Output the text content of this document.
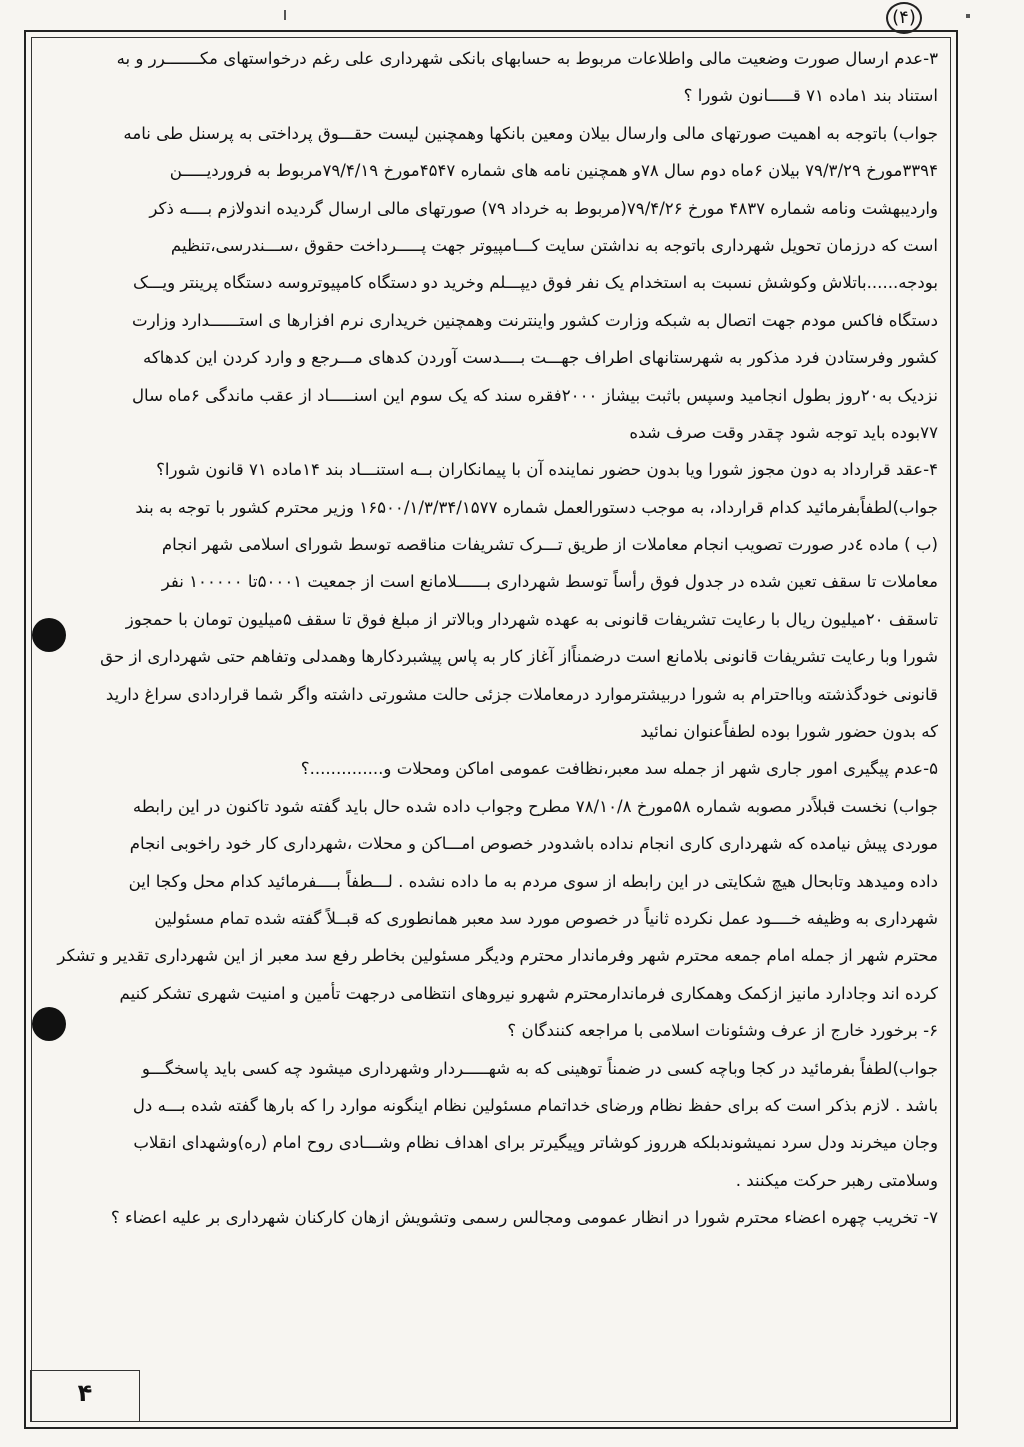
(۴)
۳-عدم ارسال صورت وضعیت مالی واطلاعات مربوط به حسابهای بانکی شهرداری علی رغم درخواستهای مکـــــــرر و به
استناد بند ۱ماده ۷۱ قـــــانون شورا ؟
جواب) باتوجه به اهمیت صورتهای مالی وارسال بیلان ومعین بانکها وهمچنین لیست حقـــوق پرداختی به پرسنل طی نامه
۳۳۹۴مورخ ۷۹/۳/۲۹ بیلان ۶ماه دوم سال ۷۸و همچنین نامه های شماره ۴۵۴۷مورخ ۷۹/۴/۱۹مربوط به فروردیـــــن
واردیبهشت ونامه شماره ۴۸۳۷ مورخ ۷۹/۴/۲۶(مربوط به خرداد ۷۹) صورتهای مالی ارسال گردیده اندولازم بــــه ذکر
است که درزمان تحویل شهرداری باتوجه به نداشتن سایت کـــامپیوتر جهت پـــــرداخت حقوق ،ســـندرسی،تنظیم
بودجه......باتلاش وکوشش نسبت به استخدام یک نفر فوق دیپـــلم وخرید دو دستگاه کامپیوتروسه دستگاه پرینتر ویـــک
دستگاه فاکس مودم جهت اتصال به شبکه وزارت کشور واینترنت وهمچنین خریداری نرم افزارها ی استــــــدارد وزارت
کشور وفرستادن فرد مذکور به شهرستانهای اطراف جهـــت بــــدست آوردن کدهای مـــرجع و وارد کردن این کدهاکه
نزدیک به۲۰روز بطول انجامید وسپس باثبت بیشاز ۲۰۰۰فقره سند که یک سوم این اسنـــــاد از عقب ماندگی ۶ماه سال
۷۷بوده باید توجه شود چقدر وقت صرف شده
۴-عقد قرارداد به دون مجوز شورا ویا بدون حضور نماینده آن با پیمانکاران بــه استنـــاد بند ۱۴ماده ۷۱ قانون شورا؟
جواب)لطفاًبفرمائید کدام قرارداد، به موجب دستورالعمل شماره ۱۶۵۰۰/۱/۳/۳۴/۱۵۷۷ وزیر محترم کشور با توجه به بند
(ب ) ماده ٤در صورت تصویب انجام معاملات از طریق تـــرک تشریفات مناقصه توسط شورای اسلامی شهر انجام
معاملات تا سقف تعین شده در جدول فوق رأساً توسط شهرداری بــــــلامانع است از جمعیت ۵۰۰۰۱تا ۱۰۰۰۰۰ نفر
تاسقف ۲۰میلیون ریال با رعایت تشریفات قانونی به عهده شهردار وبالاتر از مبلغ فوق تا سقف ۵میلیون تومان با حمجوز
شورا وبا رعایت تشریفات قانونی بلامانع است درضمناًاز آغاز کار به پاس پیشبردکارها وهمدلی وتفاهم حتی شهرداری از حق
قانونی خودگذشته وبااحترام به شورا دربیشترموارد درمعاملات جزئی حالت مشورتی داشته واگر شما قراردادی سراغ دارید
که بدون حضور شورا بوده لطفاًعنوان نمائید
۵-عدم پیگیری امور جاری شهر از جمله سد معبر،نظافت عمومی اماکن ومحلات و..............؟
جواب) نخست قبلاًدر مصوبه شماره ۵۸مورخ ۷۸/۱۰/۸ مطرح وجواب داده شده حال باید گفته شود تاکنون در این رابطه
موردی پیش نیامده که شهرداری کاری انجام نداده باشدودر خصوص امـــاکن و محلات ،شهرداری کار خود راخوبی انجام
داده ومیدهد وتابحال هیچ شکایتی در این رابطه از سوی مردم به ما داده نشده . لـــطفاً بــــفرمائید کدام محل وکجا این
شهرداری به وظیفه خــــود عمل نکرده ثانیاً در خصوص مورد سد معبر همانطوری که قبــلاً گفته شده تمام مسئولین
محترم شهر از جمله امام جمعه محترم شهر وفرماندار محترم ودیگر مسئولین بخاطر رفع سد معبر از این شهرداری تقدیر و تشکر
کرده اند وجادارد مانیز ازکمک وهمکاری فرماندارمحترم شهرو نیروهای انتظامی درجهت تأمین و امنیت شهری تشکر کنیم
۶- برخورد خارج از عرف وشئونات اسلامی با مراجعه کنندگان ؟
جواب)لطفاً بفرمائید در کجا وباچه کسی در ضمناً توهینی که به شهـــــردار وشهرداری میشود چه کسی باید پاسخگـــو
باشد . لازم بذکر است که برای حفظ نظام ورضای خداتمام مسئولین نظام اینگونه موارد را که بارها گفته شده بـــه دل
وجان میخرند ودل سرد نمیشوندبلکه هرروز کوشاتر وپیگیرتر برای اهداف نظام وشـــادی روح امام (ره)وشهدای انقلاب
وسلامتی رهبر حرکت میکنند .
۷- تخریب چهره اعضاء محترم شورا در انظار عمومی ومجالس رسمی وتشویش ازهان کارکنان شهرداری بر علیه اعضاء ؟
۴
